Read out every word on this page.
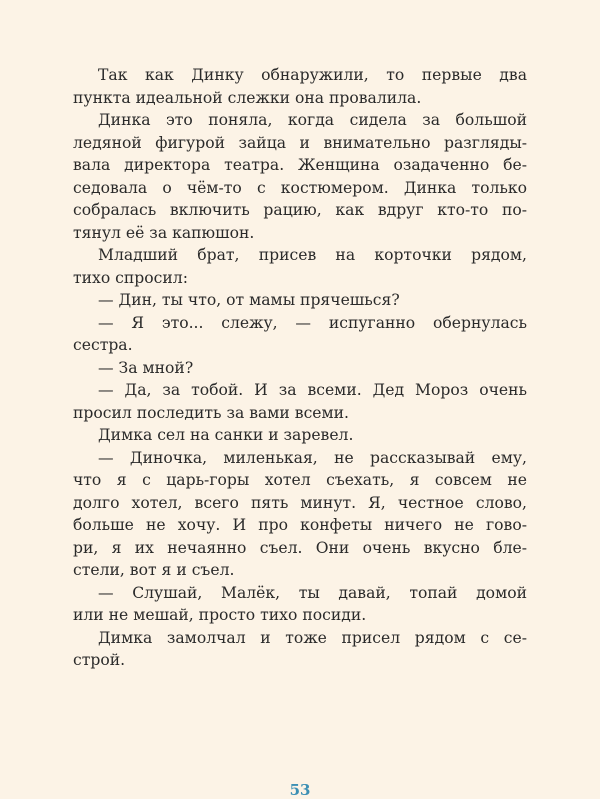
Так как Динку обнаружили, то первые два
пункта идеальной слежки она провалила.
Динка это поняла, когда сидела за большой
ледяной фигурой зайца и внимательно разгляды-
вала директора театра. Женщина озадаченно бе-
седовала о чём-то с костюмером. Динка только
собралась включить рацию, как вдруг кто-то по-
тянул её за капюшон.
Младший брат, присев на корточки рядом,
тихо спросил:
— Дин, ты что, от мамы прячешься?
— Я это... слежу, — испуганно обернулась
сестра.
— За мной?
— Да, за тобой. И за всеми. Дед Мороз очень
просил последить за вами всеми.
Димка сел на санки и заревел.
— Диночка, миленькая, не рассказывай ему,
что я с царь-горы хотел съехать, я совсем не
долго хотел, всего пять минут. Я, честное слово,
больше не хочу. И про конфеты ничего не гово-
ри, я их нечаянно съел. Они очень вкусно бле-
стели, вот я и съел.
— Слушай, Малёк, ты давай, топай домой
или не мешай, просто тихо посиди.
Димка замолчал и тоже присел рядом с се-
строй.
53
